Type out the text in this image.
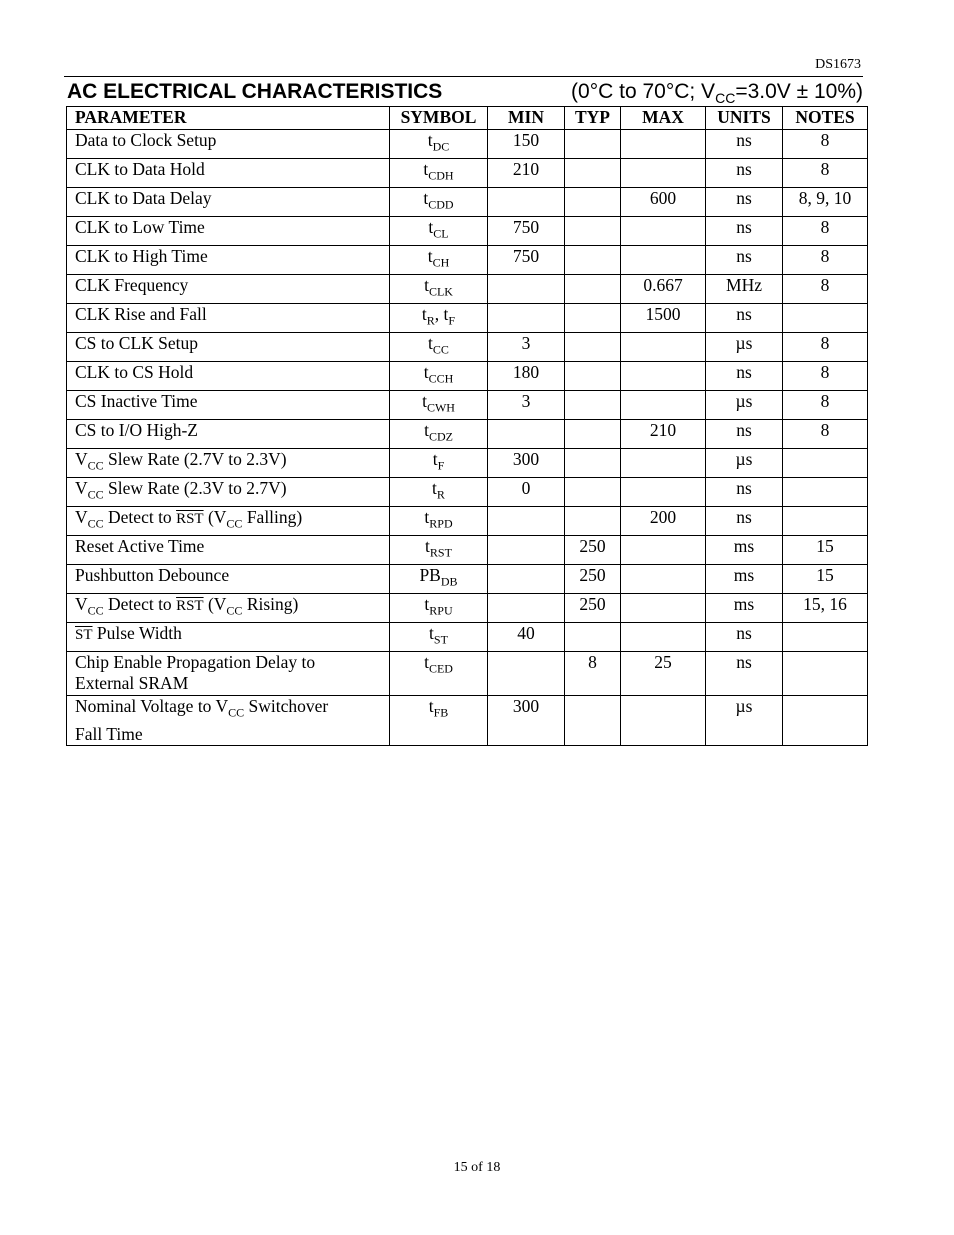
DS1673
AC ELECTRICAL CHARACTERISTICS	(0°C to 70°C; $V_{CC}=3.0V \pm 10\%$)
PARAMETER	SYMBOL	MIN	TYP	MAX	UNITS	NOTES
Data to Clock Setup	$t_{DC}$	150			ns	8
CLK to Data Hold	$t_{CDH}$	210			ns	8
CLK to Data Delay	$t_{CDD}$			600	ns	8, 9, 10
CLK to Low Time	$t_{CL}$	750			ns	8
CLK to High Time	$t_{CH}$	750			ns	8
CLK Frequency	$t_{CLK}$			0.667	MHz	8
CLK Rise and Fall	$t_R$, $t_F$			1500	ns	
CS to CLK Setup	$t_{CC}$	3			µs	8
CLK to CS Hold	$t_{CCH}$	180			ns	8
CS Inactive Time	$t_{CWH}$	3			µs	8
CS to I/O High-Z	$t_{CDZ}$			210	ns	8
$V_{CC}$ Slew Rate (2.7V to 2.3V)	$t_F$	300			µs	
$V_{CC}$ Slew Rate (2.3V to 2.7V)	$t_R$	0			ns	
$V_{CC}$ Detect to $\overline{RST}$ ($V_{CC}$ Falling)	$t_{RPD}$			200	ns	
Reset Active Time	$t_{RST}$		250		ms	15
Pushbutton Debounce	$PB_{DB}$		250		ms	15
$V_{CC}$ Detect to $\overline{RST}$ ($V_{CC}$ Rising)	$t_{RPU}$		250		ms	15, 16
$\overline{ST}$ Pulse Width	$t_{ST}$	40			ns	
Chip Enable Propagation Delay to
External SRAM	$t_{CED}$		8	25	ns	
Nominal Voltage to $V_{CC}$ Switchover
Fall Time	$t_{FB}$	300			µs	
15 of 18
